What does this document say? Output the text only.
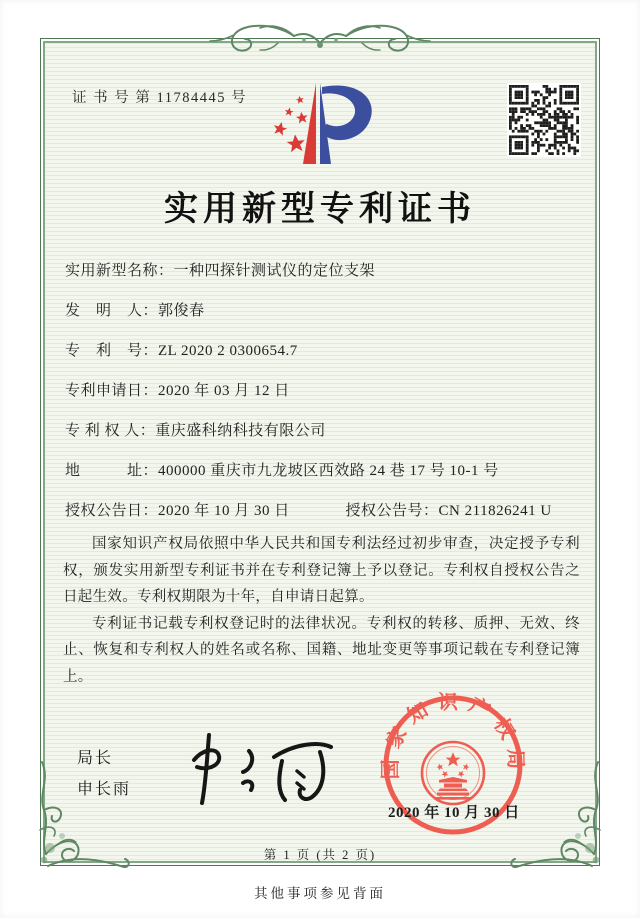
证 书 号 第 11784445 号
实用新型专利证书
实用新型名称：一种四探针测试仪的定位支架
发　明　人：郭俊春
专　利　号：ZL 2020 2 0300654.7
专利申请日：2020 年 03 月 12 日
专 利 权 人：重庆盛科纳科技有限公司
地　　　址：400000 重庆市九龙坡区西效路 24 巷 17 号 10-1 号
授权公告日：2020 年 10 月 30 日	授权公告号：CN 211826241 U

国家知识产权局依照中华人民共和国专利法经过初步审查，决定授予专利权，颁发实用新型专利证书并在专利登记簿上予以登记。专利权自授权公告之日起生效。专利权期限为十年，自申请日起算。

专利证书记载专利权登记时的法律状况。专利权的转移、质押、无效、终止、恢复和专利权人的姓名或名称、国籍、地址变更等事项记载在专利登记簿上。

局长
申长雨
国家知识产权局
2020 年 10 月 30 日
第 1 页 (共 2 页)
其他事项参见背面
